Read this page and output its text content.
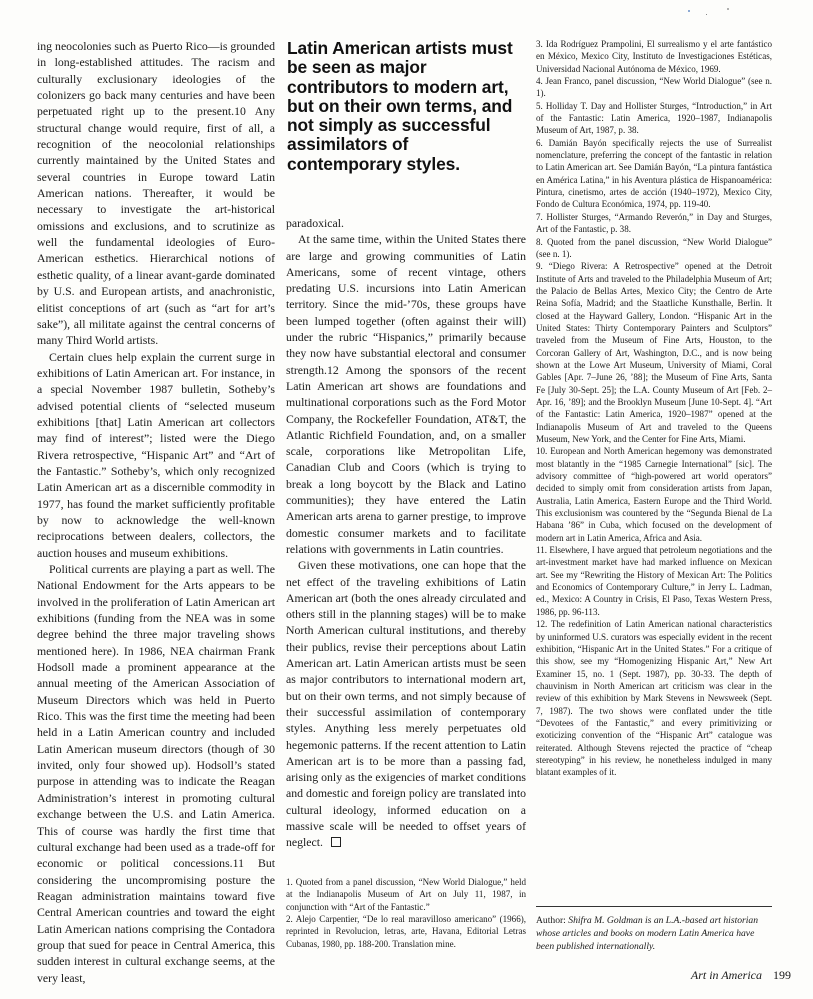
ing neocolonies such as Puerto Rico—is grounded in long-established attitudes. The racism and culturally exclusionary ideologies of the colonizers go back many centuries and have been perpetuated right up to the present.10 Any structural change would require, first of all, a recognition of the neocolonial relationships currently maintained by the United States and several countries in Europe toward Latin American nations. Thereafter, it would be necessary to investigate the art-historical omissions and exclusions, and to scrutinize as well the fundamental ideologies of Euro-American esthetics. Hierarchical notions of esthetic quality, of a linear avant-garde dominated by U.S. and European artists, and anachronistic, elitist conceptions of art (such as “art for art’s sake”), all militate against the central concerns of many Third World artists.

Certain clues help explain the current surge in exhibitions of Latin American art. For instance, in a special November 1987 bulletin, Sotheby’s advised potential clients of “selected museum exhibitions [that] Latin American art collectors may find of interest”; listed were the Diego Rivera retrospective, “Hispanic Art” and “Art of the Fantastic.” Sotheby’s, which only recognized Latin American art as a discernible commodity in 1977, has found the market sufficiently profitable by now to acknowledge the well-known reciprocations between dealers, collectors, the auction houses and museum exhibitions.

Political currents are playing a part as well. The National Endowment for the Arts appears to be involved in the proliferation of Latin American art exhibitions (funding from the NEA was in some degree behind the three major traveling shows mentioned here). In 1986, NEA chairman Frank Hodsoll made a prominent appearance at the annual meeting of the American Association of Museum Directors which was held in Puerto Rico. This was the first time the meeting had been held in a Latin American country and included Latin American museum directors (though of 30 invited, only four showed up). Hodsoll’s stated purpose in attending was to indicate the Reagan Administration’s interest in promoting cultural exchange between the U.S. and Latin America. This of course was hardly the first time that cultural exchange had been used as a trade-off for economic or political concessions.11 But considering the uncompromising posture the Reagan administration maintains toward five Central American countries and toward the eight Latin American nations comprising the Contadora group that sued for peace in Central America, this sudden interest in cultural exchange seems, at the very least,

Latin American artists must be seen as major contributors to modern art, but on their own terms, and not simply as successful assimilators of contemporary styles.

paradoxical.

At the same time, within the United States there are large and growing communities of Latin Americans, some of recent vintage, others predating U.S. incursions into Latin American territory. Since the mid-’70s, these groups have been lumped together (often against their will) under the rubric “Hispanics,” primarily because they now have substantial electoral and consumer strength.12 Among the sponsors of the recent Latin American art shows are foundations and multinational corporations such as the Ford Motor Company, the Rockefeller Foundation, AT&T, the Atlantic Richfield Foundation, and, on a smaller scale, corporations like Metropolitan Life, Canadian Club and Coors (which is trying to break a long boycott by the Black and Latino communities); they have entered the Latin American arts arena to garner prestige, to improve domestic consumer markets and to facilitate relations with governments in Latin countries.

Given these motivations, one can hope that the net effect of the traveling exhibitions of Latin American art (both the ones already circulated and others still in the planning stages) will be to make North American cultural institutions, and thereby their publics, revise their perceptions about Latin American art. Latin American artists must be seen as major contributors to international modern art, but on their own terms, and not simply because of their successful assimilation of contemporary styles. Anything less merely perpetuates old hegemonic patterns. If the recent attention to Latin American art is to be more than a passing fad, arising only as the exigencies of market conditions and domestic and foreign policy are translated into cultural ideology, informed education on a massive scale will be needed to offset years of neglect.

1. Quoted from a panel discussion, “New World Dialogue,” held at the Indianapolis Museum of Art on July 11, 1987, in conjunction with “Art of the Fantastic.”

2. Alejo Carpentier, “De lo real maravilloso americano” (1966), reprinted in Revolucion, letras, arte, Havana, Editorial Letras Cubanas, 1980, pp. 188-200. Translation mine.

3. Ida Rodríguez Prampolini, El surrealismo y el arte fantástico en México, Mexico City, Instituto de Investigaciones Estéticas, Universidad Nacional Autónoma de México, 1969.

4. Jean Franco, panel discussion, “New World Dialogue” (see n. 1).

5. Holliday T. Day and Hollister Sturges, “Introduction,” in Art of the Fantastic: Latin America, 1920–1987, Indianapolis Museum of Art, 1987, p. 38.

6. Damián Bayón specifically rejects the use of Surrealist nomenclature, preferring the concept of the fantastic in relation to Latin American art. See Damián Bayón, “La pintura fantástica en América Latina,” in his Aventura plástica de Hispanoamérica: Pintura, cinetismo, artes de acción (1940–1972), Mexico City, Fondo de Cultura Económica, 1974, pp. 119-40.

7. Hollister Sturges, “Armando Reverón,” in Day and Sturges, Art of the Fantastic, p. 38.

8. Quoted from the panel discussion, “New World Dialogue” (see n. 1).

9. “Diego Rivera: A Retrospective” opened at the Detroit Institute of Arts and traveled to the Philadelphia Museum of Art; the Palacio de Bellas Artes, Mexico City; the Centro de Arte Reina Sofía, Madrid; and the Staatliche Kunsthalle, Berlin. It closed at the Hayward Gallery, London. “Hispanic Art in the United States: Thirty Contemporary Painters and Sculptors” traveled from the Museum of Fine Arts, Houston, to the Corcoran Gallery of Art, Washington, D.C., and is now being shown at the Lowe Art Museum, University of Miami, Coral Gables [Apr. 7–June 26, ’88]; the Museum of Fine Arts, Santa Fe [July 30-Sept. 25]; the L.A. County Museum of Art [Feb. 2–Apr. 16, ’89]; and the Brooklyn Museum [June 10-Sept. 4]. “Art of the Fantastic: Latin America, 1920–1987” opened at the Indianapolis Museum of Art and traveled to the Queens Museum, New York, and the Center for Fine Arts, Miami.

10. European and North American hegemony was demonstrated most blatantly in the “1985 Carnegie International” [sic]. The advisory committee of “high-powered art world operators” decided to simply omit from consideration artists from Japan, Australia, Latin America, Eastern Europe and the Third World. This exclusionism was countered by the “Segunda Bienal de La Habana ’86” in Cuba, which focused on the development of modern art in Latin America, Africa and Asia.

11. Elsewhere, I have argued that petroleum negotiations and the art-investment market have had marked influence on Mexican art. See my “Rewriting the History of Mexican Art: The Politics and Economics of Contemporary Culture,” in Jerry L. Ladman, ed., Mexico: A Country in Crisis, El Paso, Texas Western Press, 1986, pp. 96-113.

12. The redefinition of Latin American national characteristics by uninformed U.S. curators was especially evident in the recent exhibition, “Hispanic Art in the United States.” For a critique of this show, see my “Homogenizing Hispanic Art,” New Art Examiner 15, no. 1 (Sept. 1987), pp. 30-33. The depth of chauvinism in North American art criticism was clear in the review of this exhibition by Mark Stevens in Newsweek (Sept. 7, 1987). The two shows were conflated under the title “Devotees of the Fantastic,” and every primitivizing or exoticizing convention of the “Hispanic Art” catalogue was reiterated. Although Stevens rejected the practice of “cheap stereotyping” in his review, he nonetheless indulged in many blatant examples of it.

Author: Shifra M. Goldman is an L.A.-based art historian whose articles and books on modern Latin America have been published internationally.
Art in America 199
